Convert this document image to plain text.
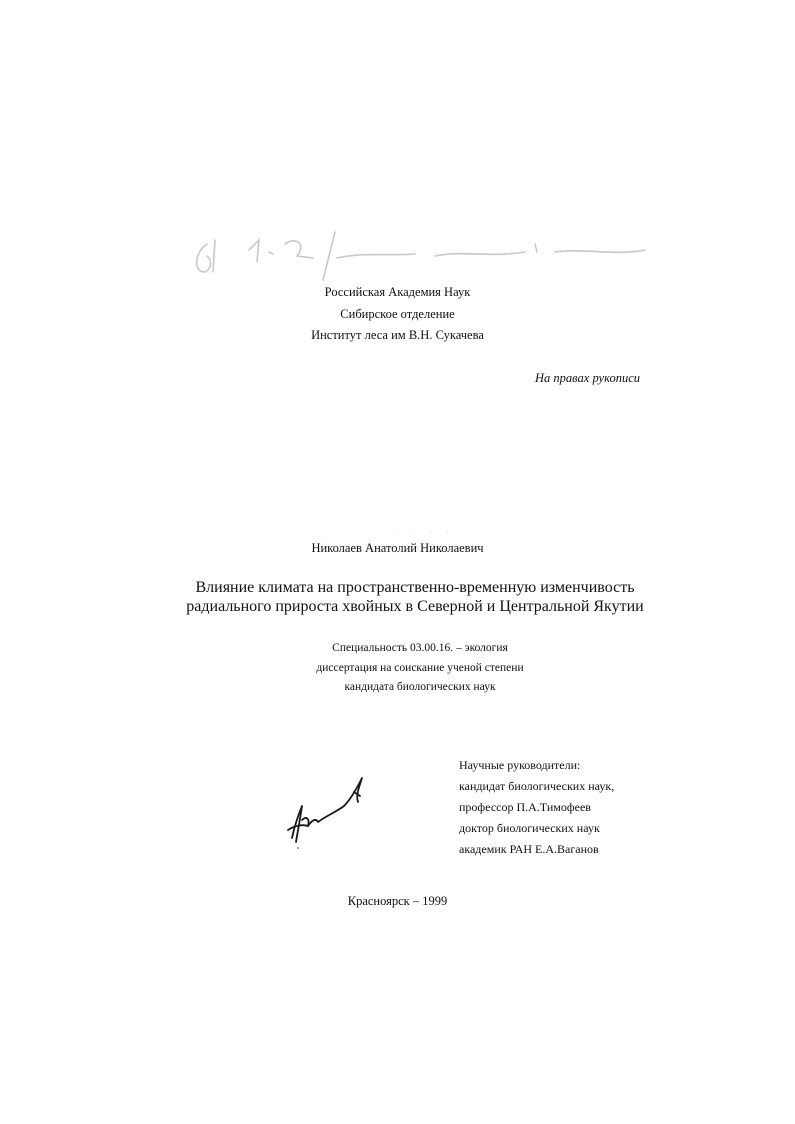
Российская Академия Наук
Сибирское отделение
Институт леса им В.Н. Сукачева
На правах рукописи
· · · ·
Николаев Анатолий Николаевич
Влияние климата на пространственно-временную изменчивость
радиального прироста хвойных в Северной и Центральной Якутии
Специальность 03.00.16. – экология
диссертация на соискание ученой степени
кандидата биологических наук
Научные руководители:
кандидат биологических наук,
профессор П.А.Тимофеев
доктор биологических наук
академик РАН Е.А.Ваганов
Красноярск – 1999
